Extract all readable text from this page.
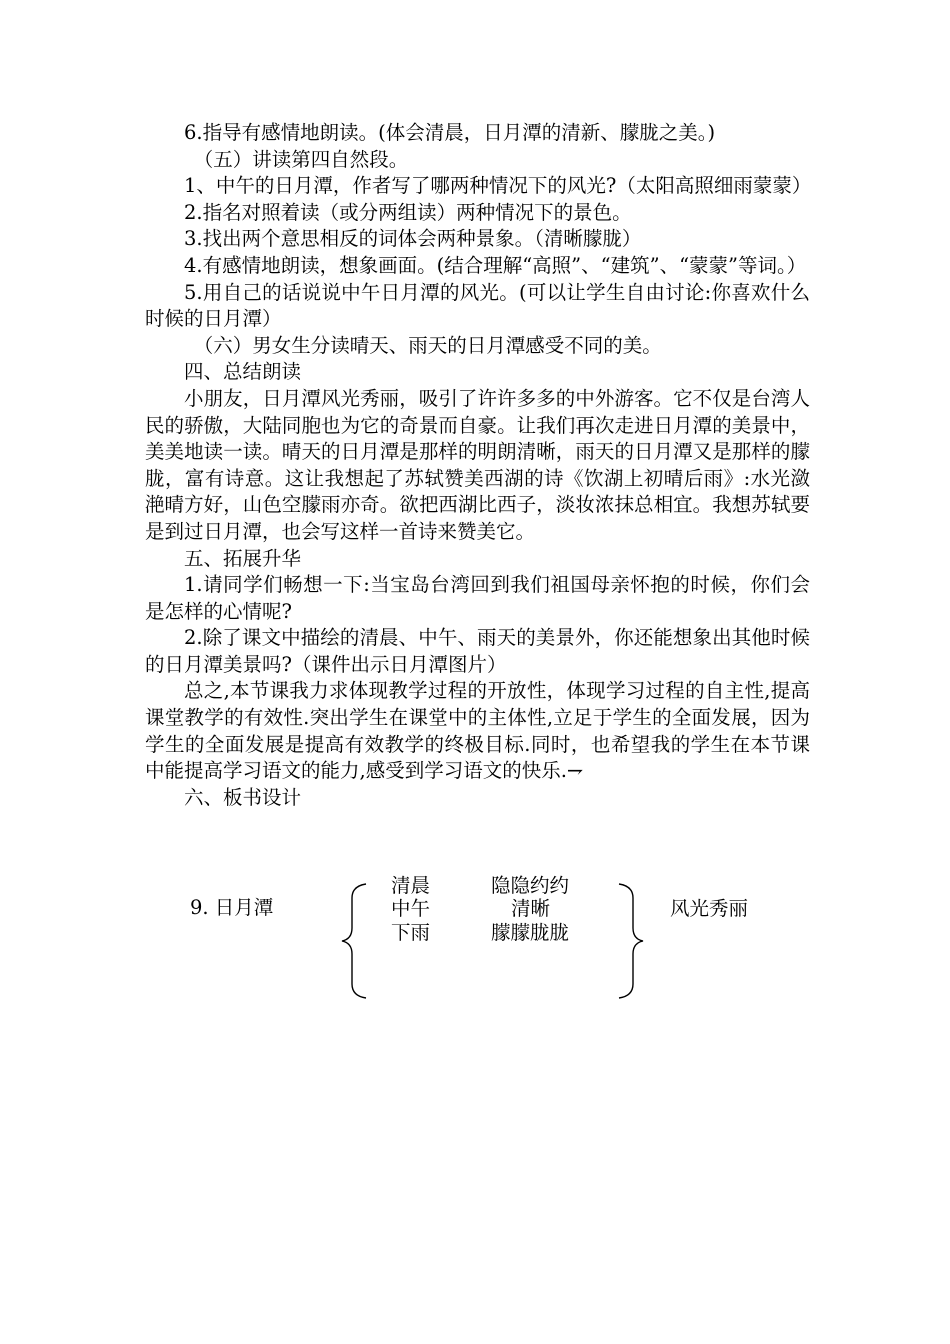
6.指导有感情地朗读。(体会清晨，日月潭的清新、朦胧之美。)

（五）讲读第四自然段。

1、中午的日月潭，作者写了哪两种情况下的风光?（太阳高照细雨蒙蒙）

2.指名对照着读（或分两组读）两种情况下的景色。

3.找出两个意思相反的词体会两种景象。（清晰朦胧）

4.有感情地朗读，想象画面。(结合理解“高照”、“建筑”、“蒙蒙”等词。）

5.用自己的话说说中午日月潭的风光。(可以让学生自由讨论:你喜欢什么时候的日月潭）

（六）男女生分读晴天、雨天的日月潭感受不同的美。

四、总结朗读

小朋友，日月潭风光秀丽，吸引了许许多多的中外游客。它不仅是台湾人民的骄傲，大陆同胞也为它的奇景而自豪。让我们再次走进日月潭的美景中，美美地读一读。晴天的日月潭是那样的明朗清晰，雨天的日月潭又是那样的朦胧，富有诗意。这让我想起了苏轼赞美西湖的诗《饮湖上初晴后雨》:水光潋滟晴方好，山色空朦雨亦奇。欲把西湖比西子，淡妆浓抹总相宜。我想苏轼要是到过日月潭，也会写这样一首诗来赞美它。

五、拓展升华

1.请同学们畅想一下:当宝岛台湾回到我们祖国母亲怀抱的时候，你们会是怎样的心情呢?

2.除了课文中描绘的清晨、中午、雨天的美景外，你还能想象出其他时候的日月潭美景吗?（课件出示日月潭图片）

总之,本节课我力求体现教学过程的开放性，体现学习过程的自主性,提高课堂教学的有效性.突出学生在课堂中的主体性,立足于学生的全面发展，因为学生的全面发展是提高有效教学的终极目标.同时，也希望我的学生在本节课中能提高学习语文的能力,感受到学习语文的快乐.⇁

六、板书设计

9. 日月潭
清晨
中午
下雨
隐隐约约
清晰
朦朦胧胧
风光秀丽
